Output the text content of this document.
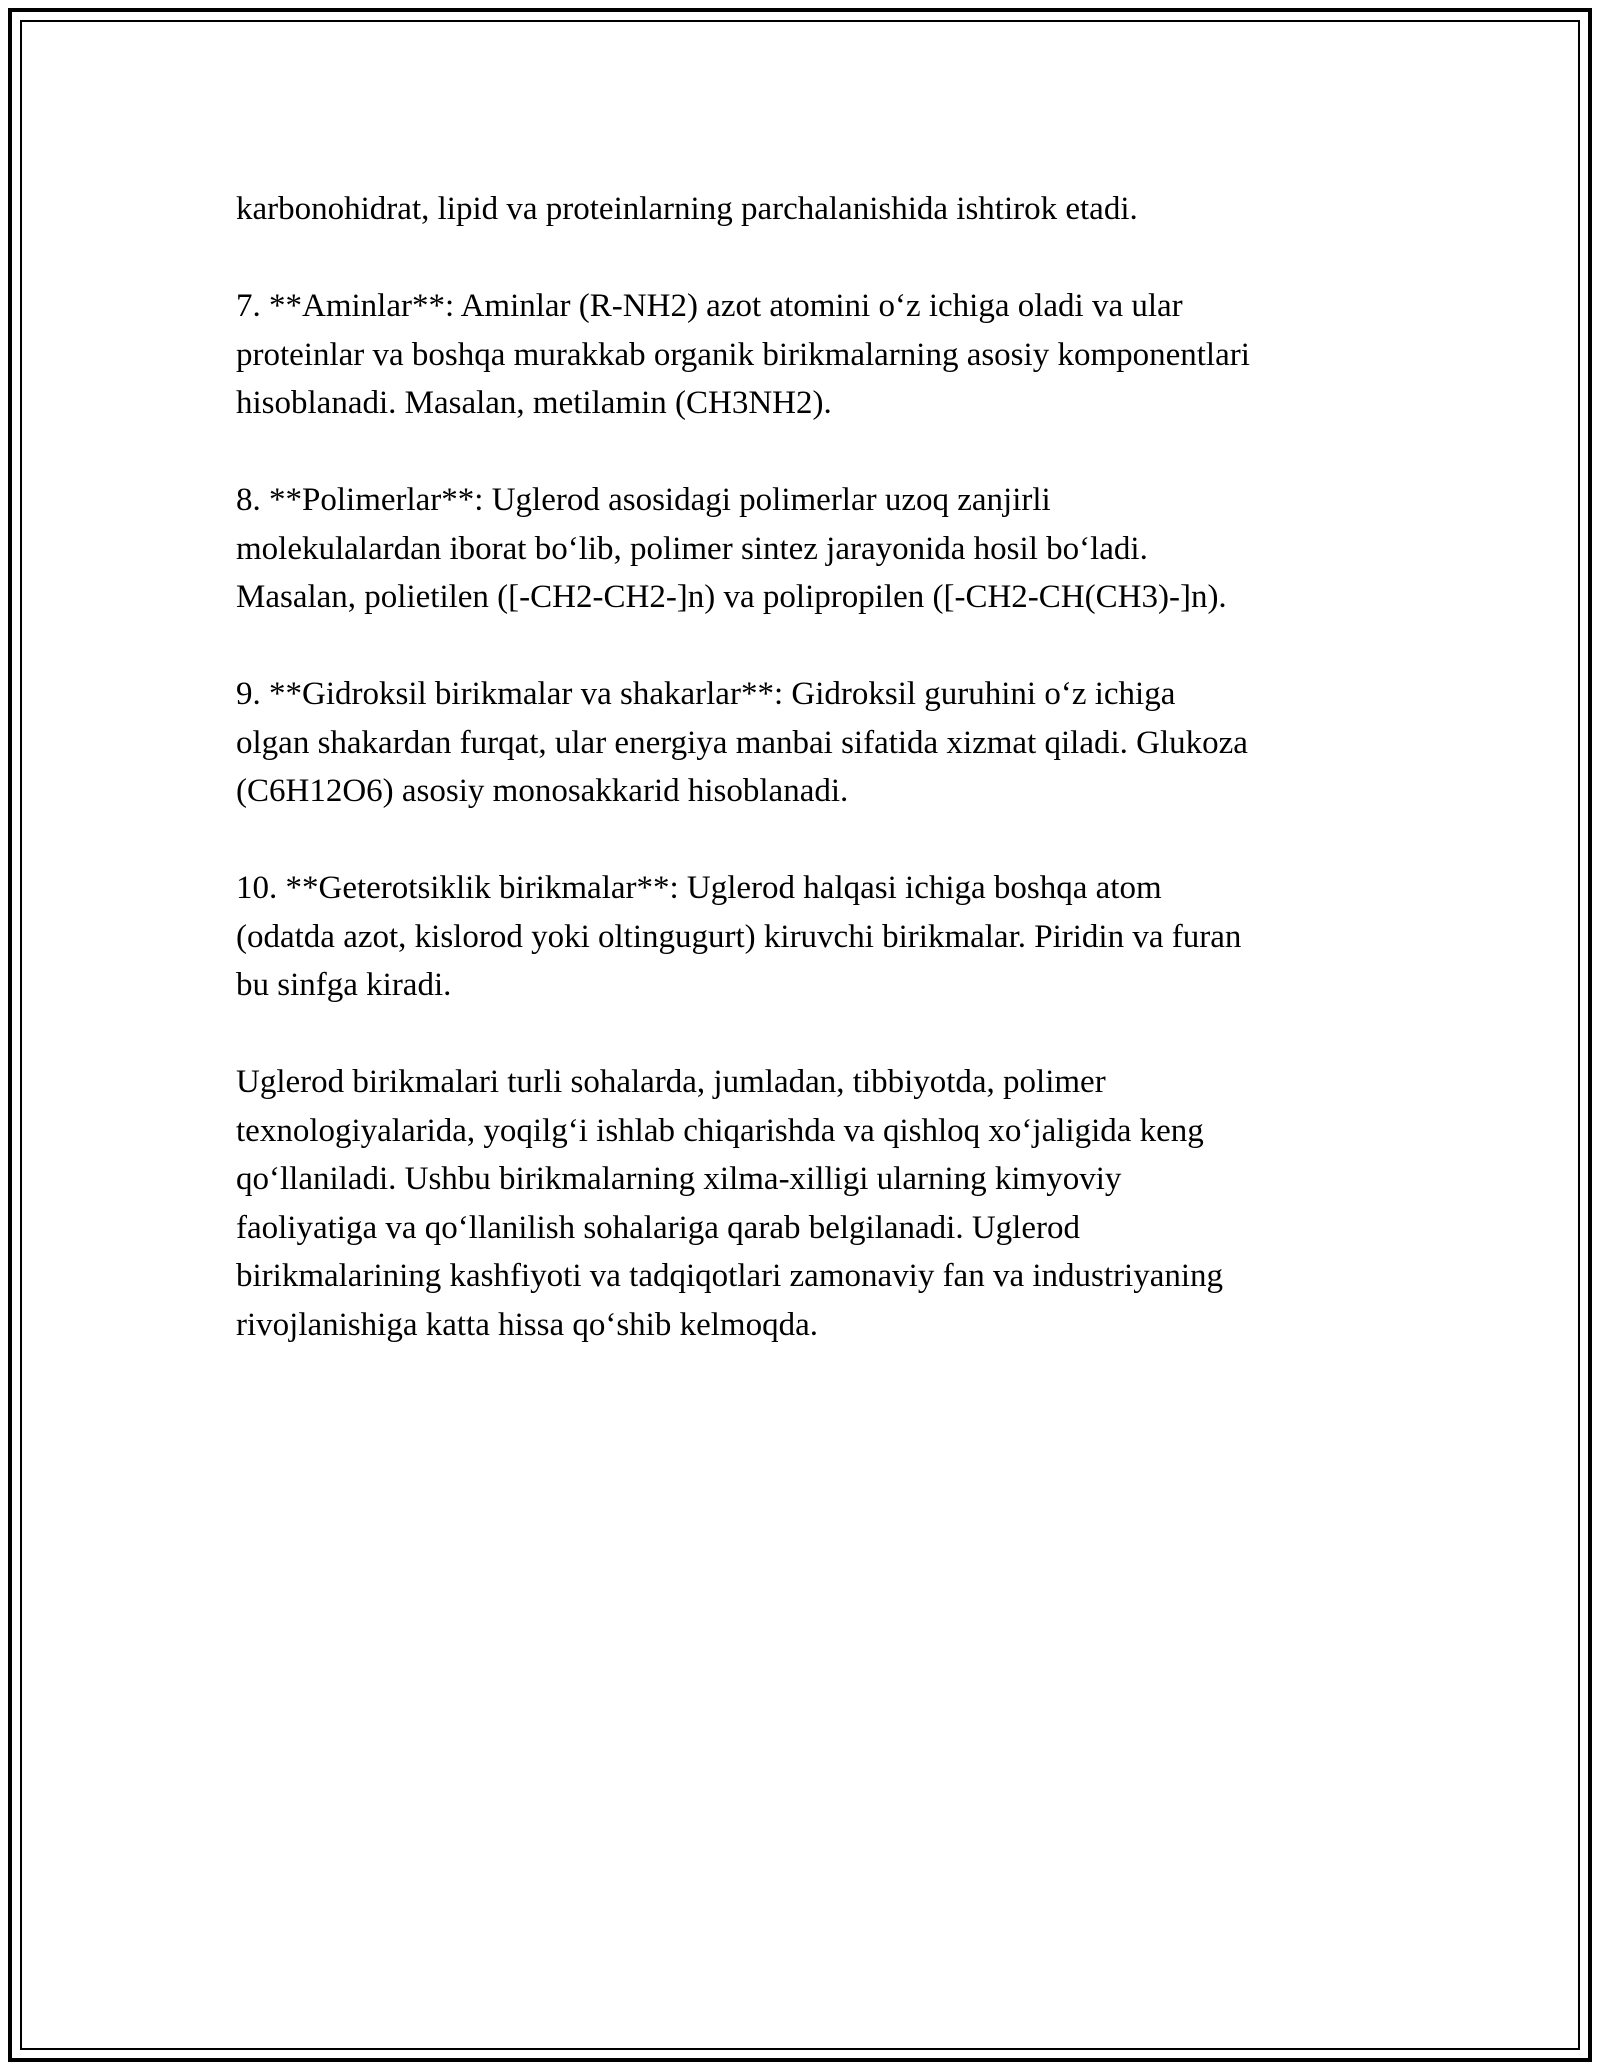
karbonohidrat, lipid va proteinlarning parchalanishida ishtirok etadi.

7. **Aminlar**: Aminlar (R-NH2) azot atomini o‘z ichiga oladi va ular
proteinlar va boshqa murakkab organik birikmalarning asosiy komponentlari
hisoblanadi. Masalan, metilamin (CH3NH2).

8. **Polimerlar**: Uglerod asosidagi polimerlar uzoq zanjirli
molekulalardan iborat bo‘lib, polimer sintez jarayonida hosil bo‘ladi.
Masalan, polietilen ([-CH2-CH2-]n) va polipropilen ([-CH2-CH(CH3)-]n).

9. **Gidroksil birikmalar va shakarlar**: Gidroksil guruhini o‘z ichiga
olgan shakardan furqat, ular energiya manbai sifatida xizmat qiladi. Glukoza
(C6H12O6) asosiy monosakkarid hisoblanadi.

10. **Geterotsiklik birikmalar**: Uglerod halqasi ichiga boshqa atom
(odatda azot, kislorod yoki oltingugurt) kiruvchi birikmalar. Piridin va furan
bu sinfga kiradi.

Uglerod birikmalari turli sohalarda, jumladan, tibbiyotda, polimer
texnologiyalarida, yoqilg‘i ishlab chiqarishda va qishloq xo‘jaligida keng
qo‘llaniladi. Ushbu birikmalarning xilma-xilligi ularning kimyoviy
faoliyatiga va qo‘llanilish sohalariga qarab belgilanadi. Uglerod
birikmalarining kashfiyoti va tadqiqotlari zamonaviy fan va industriyaning
rivojlanishiga katta hissa qo‘shib kelmoqda.
